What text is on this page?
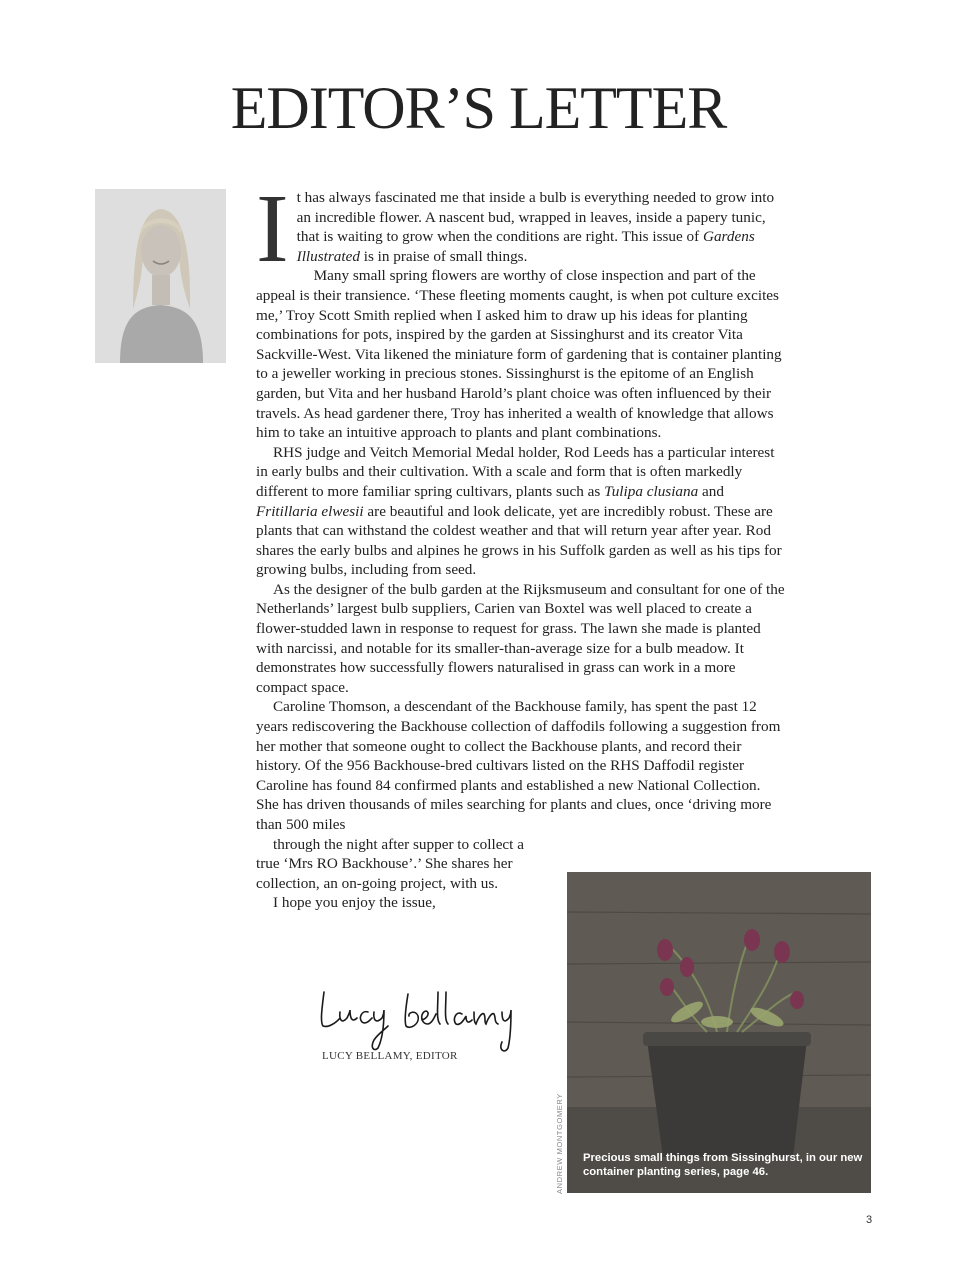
EDITOR’S LETTER

It has always fascinated me that inside a bulb is everything needed to grow into an incredible flower. A nascent bud, wrapped in leaves, inside a papery tunic, that is waiting to grow when the conditions are right. This issue of Gardens Illustrated is in praise of small things.

Many small spring flowers are worthy of close inspection and part of the appeal is their transience. ‘These fleeting moments caught, is when pot culture excites me,’ Troy Scott Smith replied when I asked him to draw up his ideas for planting combinations for pots, inspired by the garden at Sissinghurst and its creator Vita Sackville-West. Vita likened the miniature form of gardening that is container planting to a jeweller working in precious stones. Sissinghurst is the epitome of an English garden, but Vita and her husband Harold’s plant choice was often influenced by their travels. As head gardener there, Troy has inherited a wealth of knowledge that allows him to take an intuitive approach to plants and plant combinations.

RHS judge and Veitch Memorial Medal holder, Rod Leeds has a particular interest in early bulbs and their cultivation. With a scale and form that is often markedly different to more familiar spring cultivars, plants such as Tulipa clusiana and Fritillaria elwesii are beautiful and look delicate, yet are incredibly robust. These are plants that can withstand the coldest weather and that will return year after year. Rod shares the early bulbs and alpines he grows in his Suffolk garden as well as his tips for growing bulbs, including from seed.

As the designer of the bulb garden at the Rijksmuseum and consultant for one of the Netherlands’ largest bulb suppliers, Carien van Boxtel was well placed to create a flower-studded lawn in response to request for grass. The lawn she made is planted with narcissi, and notable for its smaller-than-average size for a bulb meadow. It demonstrates how successfully flowers naturalised in grass can work in a more compact space.

Caroline Thomson, a descendant of the Backhouse family, has spent the past 12 years rediscovering the Backhouse collection of daffodils following a suggestion from her mother that someone ought to collect the Backhouse plants, and record their history. Of the 956 Backhouse-bred cultivars listed on the RHS Daffodil register Caroline has found 84 confirmed plants and established a new National Collection. She has driven thousands of miles searching for plants and clues, once ‘driving more than 500 miles
through the night after supper to collect a true ‘Mrs RO Backhouse’.’ She shares her collection, an on-going project, with us.

I hope you enjoy the issue,

LUCY BELLAMY, EDITOR
ANDREW MONTGOMERY Precious small things from Sissinghurst, in our new container planting series, page 46.
3
